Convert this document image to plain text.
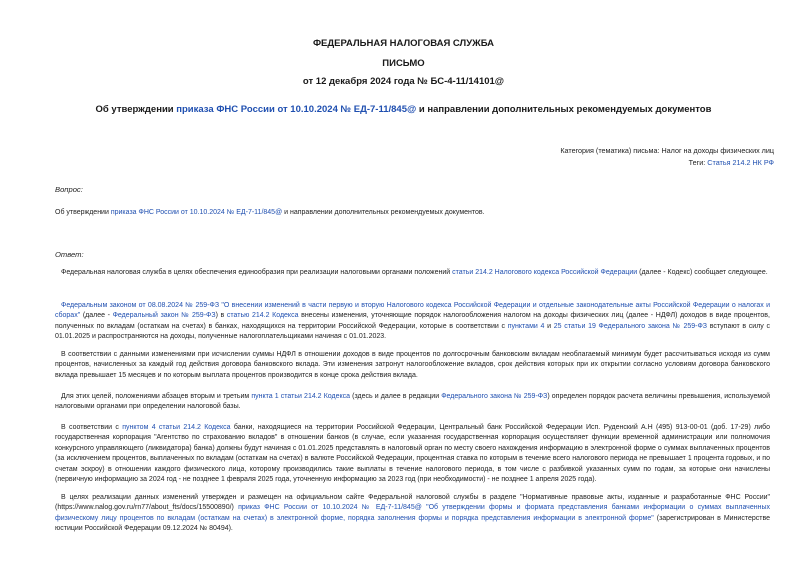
ФЕДЕРАЛЬНАЯ НАЛОГОВАЯ СЛУЖБА
ПИСЬМО
от 12 декабря 2024 года № БС-4-11/14101@
Об утверждении приказа ФНС России от 10.10.2024 № ЕД-7-11/845@ и направлении дополнительных рекомендуемых документов
Категория (тематика) письма: Налог на доходы физических лиц
Теги: Статья 214.2 НК РФ
Вопрос:
Об утверждении приказа ФНС России от 10.10.2024 № ЕД-7-11/845@ и направлении дополнительных рекомендуемых документов.
Ответ:
Федеральная налоговая служба в целях обеспечения единообразия при реализации налоговыми органами положений статьи 214.2 Налогового кодекса Российской Федерации (далее - Кодекс) сообщает следующее.
Федеральным законом от 08.08.2024 № 259-ФЗ "О внесении изменений в части первую и вторую Налогового кодекса Российской Федерации и отдельные законодательные акты Российской Федерации о налогах и сборах" (далее - Федеральный закон № 259-ФЗ) в статью 214.2 Кодекса внесены изменения, уточняющие порядок налогообложения налогом на доходы физических лиц (далее - НДФЛ) доходов в виде процентов, полученных по вкладам (остаткам на счетах) в банках, находящихся на территории Российской Федерации, которые в соответствии с пунктами 4 и 25 статьи 19 Федерального закона № 259-ФЗ вступают в силу с 01.01.2025 и распространяются на доходы, полученные налогоплательщиками начиная с 01.01.2023.
В соответствии с данными изменениями при исчислении суммы НДФЛ в отношении доходов в виде процентов по долгосрочным банковским вкладам необлагаемый минимум будет рассчитываться исходя из сумм процентов, начисленных за каждый год действия договора банковского вклада. Эти изменения затронут налогообложение вкладов, срок действия которых при их открытии согласно условиям договора банковского вклада превышает 15 месяцев и по которым выплата процентов производится в конце срока действия вклада.
Для этих целей, положениями абзацев вторым и третьим пункта 1 статьи 214.2 Кодекса (здесь и далее в редакции Федерального закона № 259-ФЗ) определен порядок расчета величины превышения, используемой налоговыми органами при определении налоговой базы.
В соответствии с пунктом 4 статьи 214.2 Кодекса банки, находящиеся на территории Российской Федерации, Центральный банк Российской Федерации Исп. Руденский А.Н (495) 913-00-01 (доб. 17-29) либо государственная корпорация "Агентство по страхованию вкладов" в отношении банков (в случае, если указанная государственная корпорация осуществляет функции временной администрации или полномочия конкурсного управляющего (ликвидатора) банка) должны будут начиная с 01.01.2025 представлять в налоговый орган по месту своего нахождения информацию в электронной форме о суммах выплаченных процентов (за исключением процентов, выплаченных по вкладам (остаткам на счетах) в валюте Российской Федерации, процентная ставка по которым в течение всего налогового периода не превышает 1 процента годовых, и по счетам эскроу) в отношении каждого физического лица, которому производились такие выплаты в течение налогового периода, в том числе с разбивкой указанных сумм по годам, за которые они начислены (первичную информацию за 2024 год - не позднее 1 февраля 2025 года, уточненную информацию за 2023 год (при необходимости) - не позднее 1 апреля 2025 года).
В целях реализации данных изменений утвержден и размещен на официальном сайте Федеральной налоговой службы в разделе "Нормативные правовые акты, изданные и разработанные ФНС России" (https://www.nalog.gov.ru/rn77/about_fts/docs/15500890/) приказ ФНС России от 10.10.2024 № ЕД-7-11/845@ "Об утверждении формы и формата представления банками информации о суммах выплаченных физическому лицу процентов по вкладам (остаткам на счетах) в электронной форме, порядка заполнения формы и порядка представления информации в электронной форме" (зарегистрирован в Министерстве юстиции Российской Федерации 09.12.2024 № 80494).
